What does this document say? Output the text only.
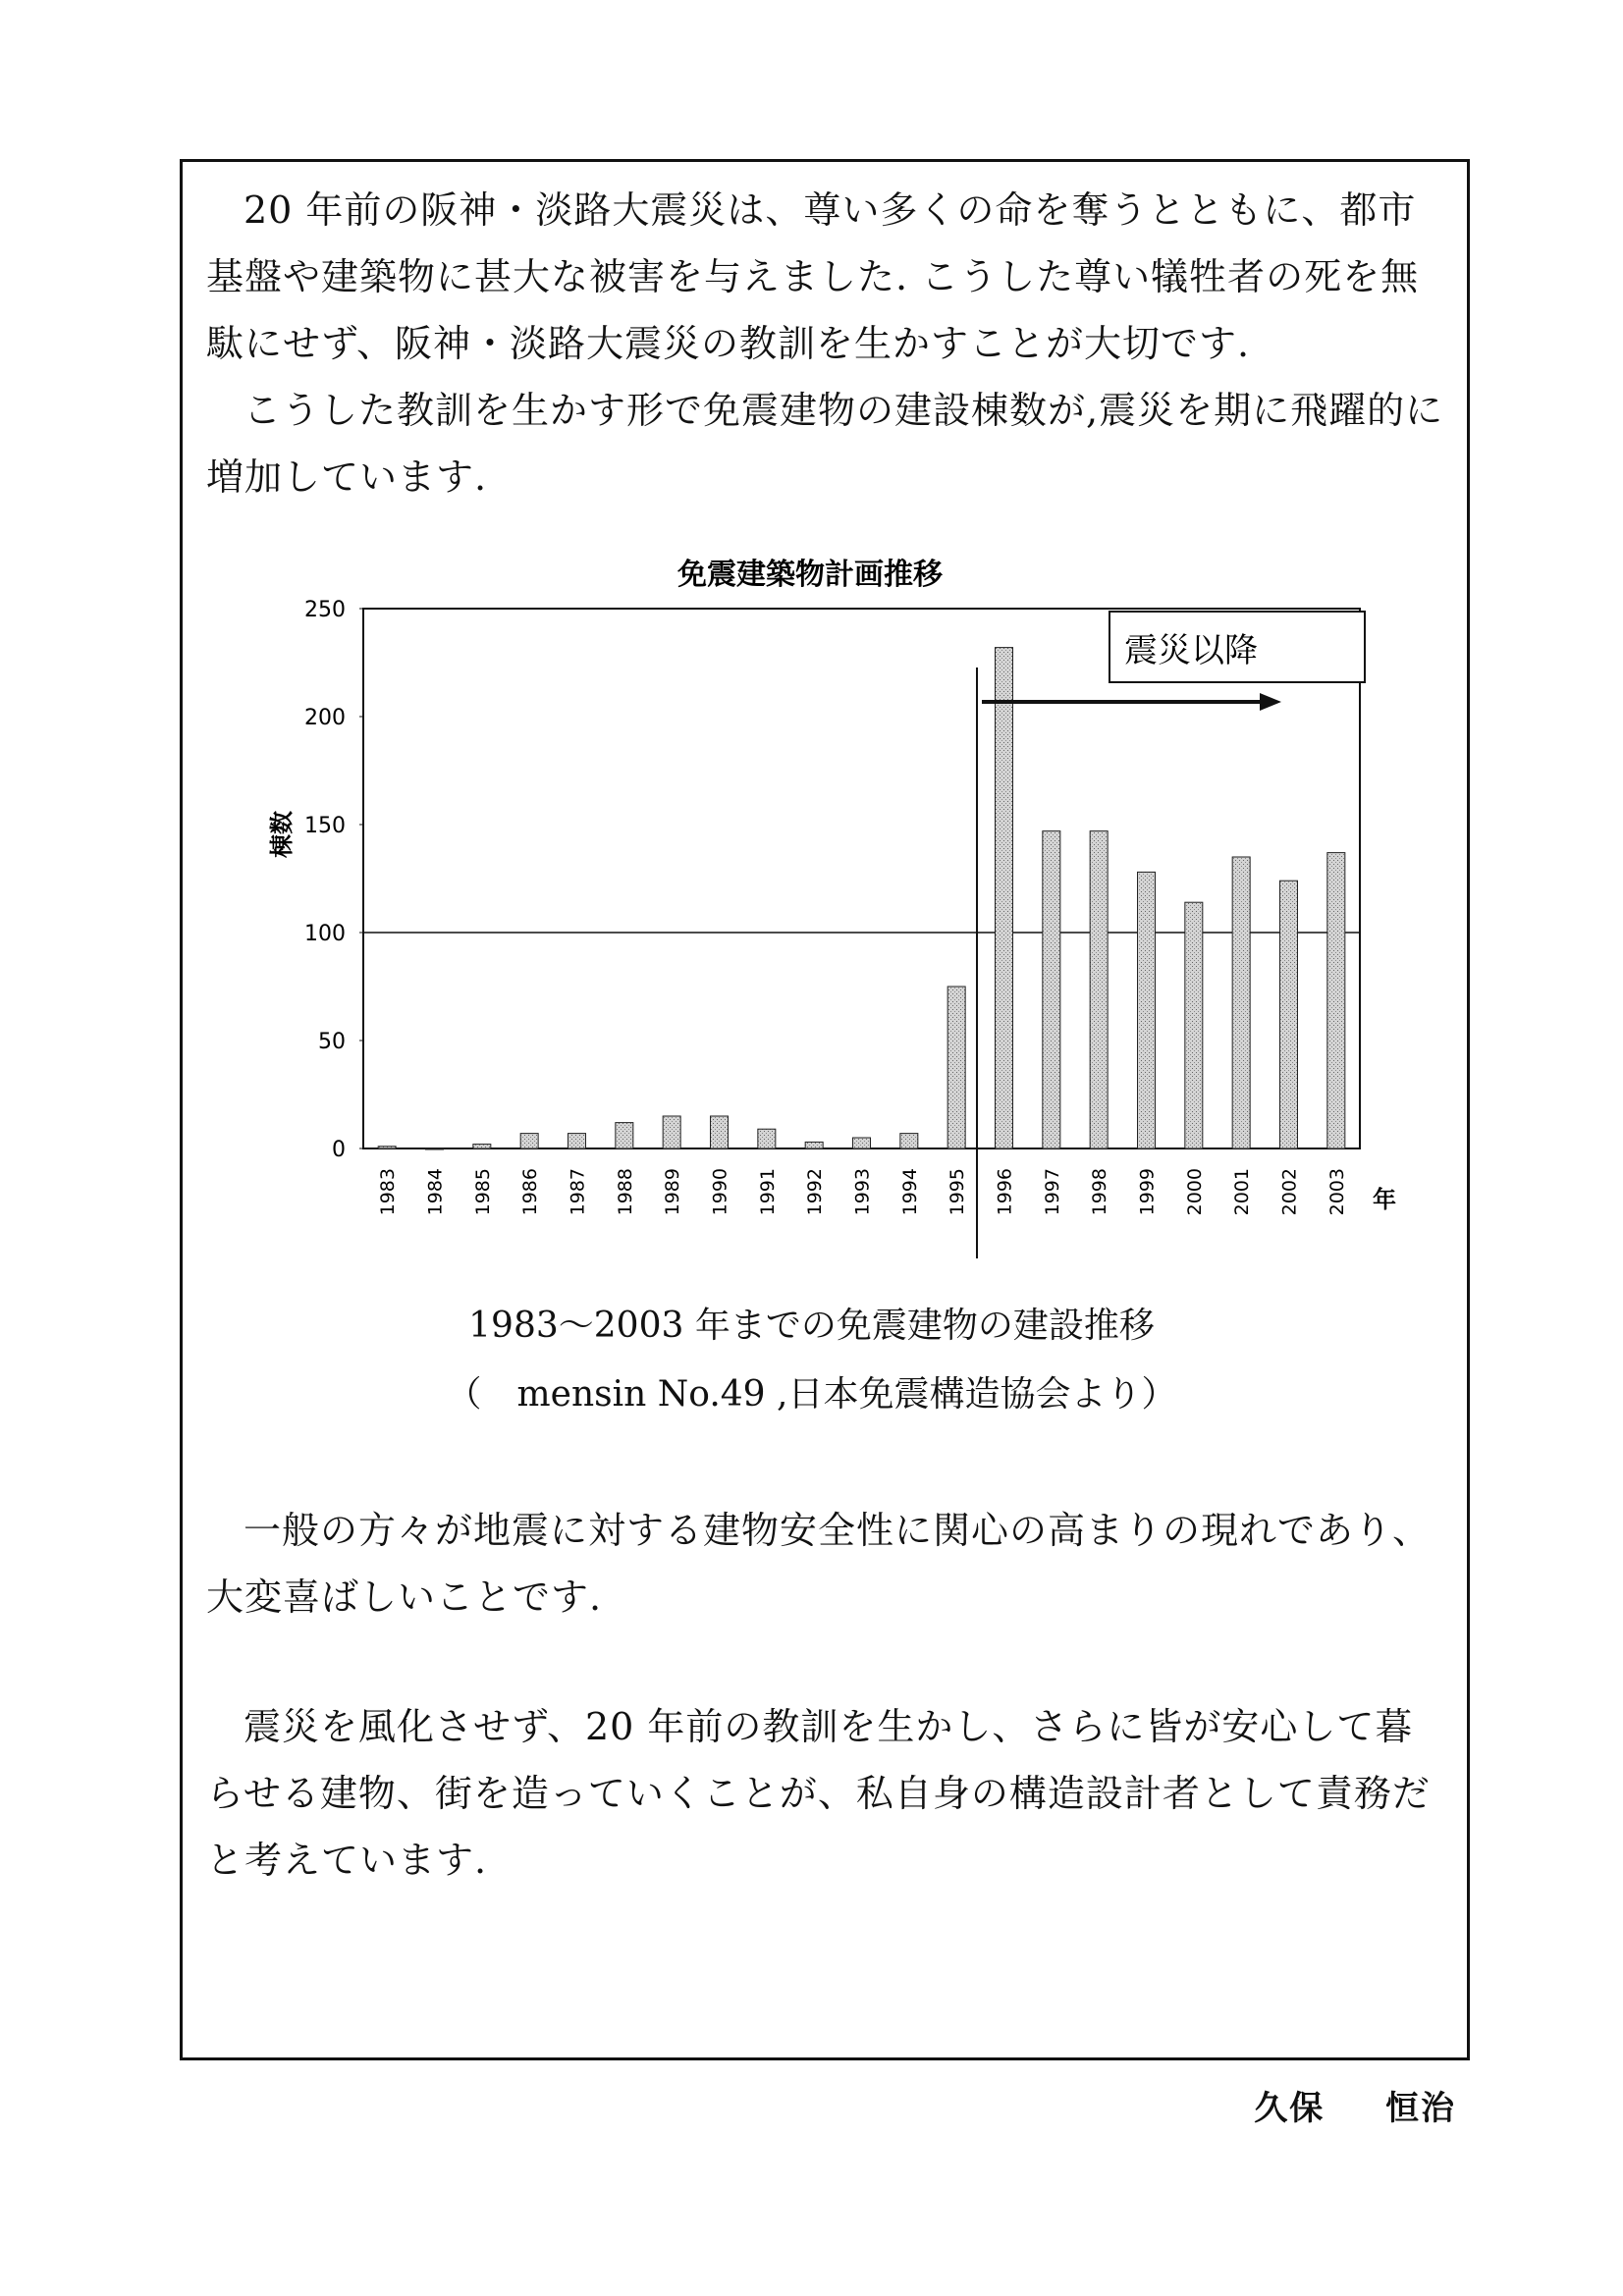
20 年前の阪神・淡路大震災は、尊い多くの命を奪うとともに、都市基盤や建築物に甚大な被害を与えました. こうした尊い犠牲者の死を無駄にせず、阪神・淡路大震災の教訓を生かすことが大切です.

こうした教訓を生かす形で免震建物の建設棟数が,震災を期に飛躍的に増加しています.

免震建築物計画推移
0
50
100
150
200
250
1983 1984 1985 1986 1987 1988 1989 1990 1991 1992 1993 1994 1995 1996 1997 1998 1999 2000 2001 2002 2003
棟数
年
震災以降

1983～2003 年までの免震建物の建設推移

（　mensin No.49 ,日本免震構造協会より）

一般の方々が地震に対する建物安全性に関心の高まりの現れであり、大変喜ばしいことです.

震災を風化させず、20 年前の教訓を生かし、さらに皆が安心して暮らせる建物、街を造っていくことが、私自身の構造設計者として責務だと考えています.

久保 恒治
